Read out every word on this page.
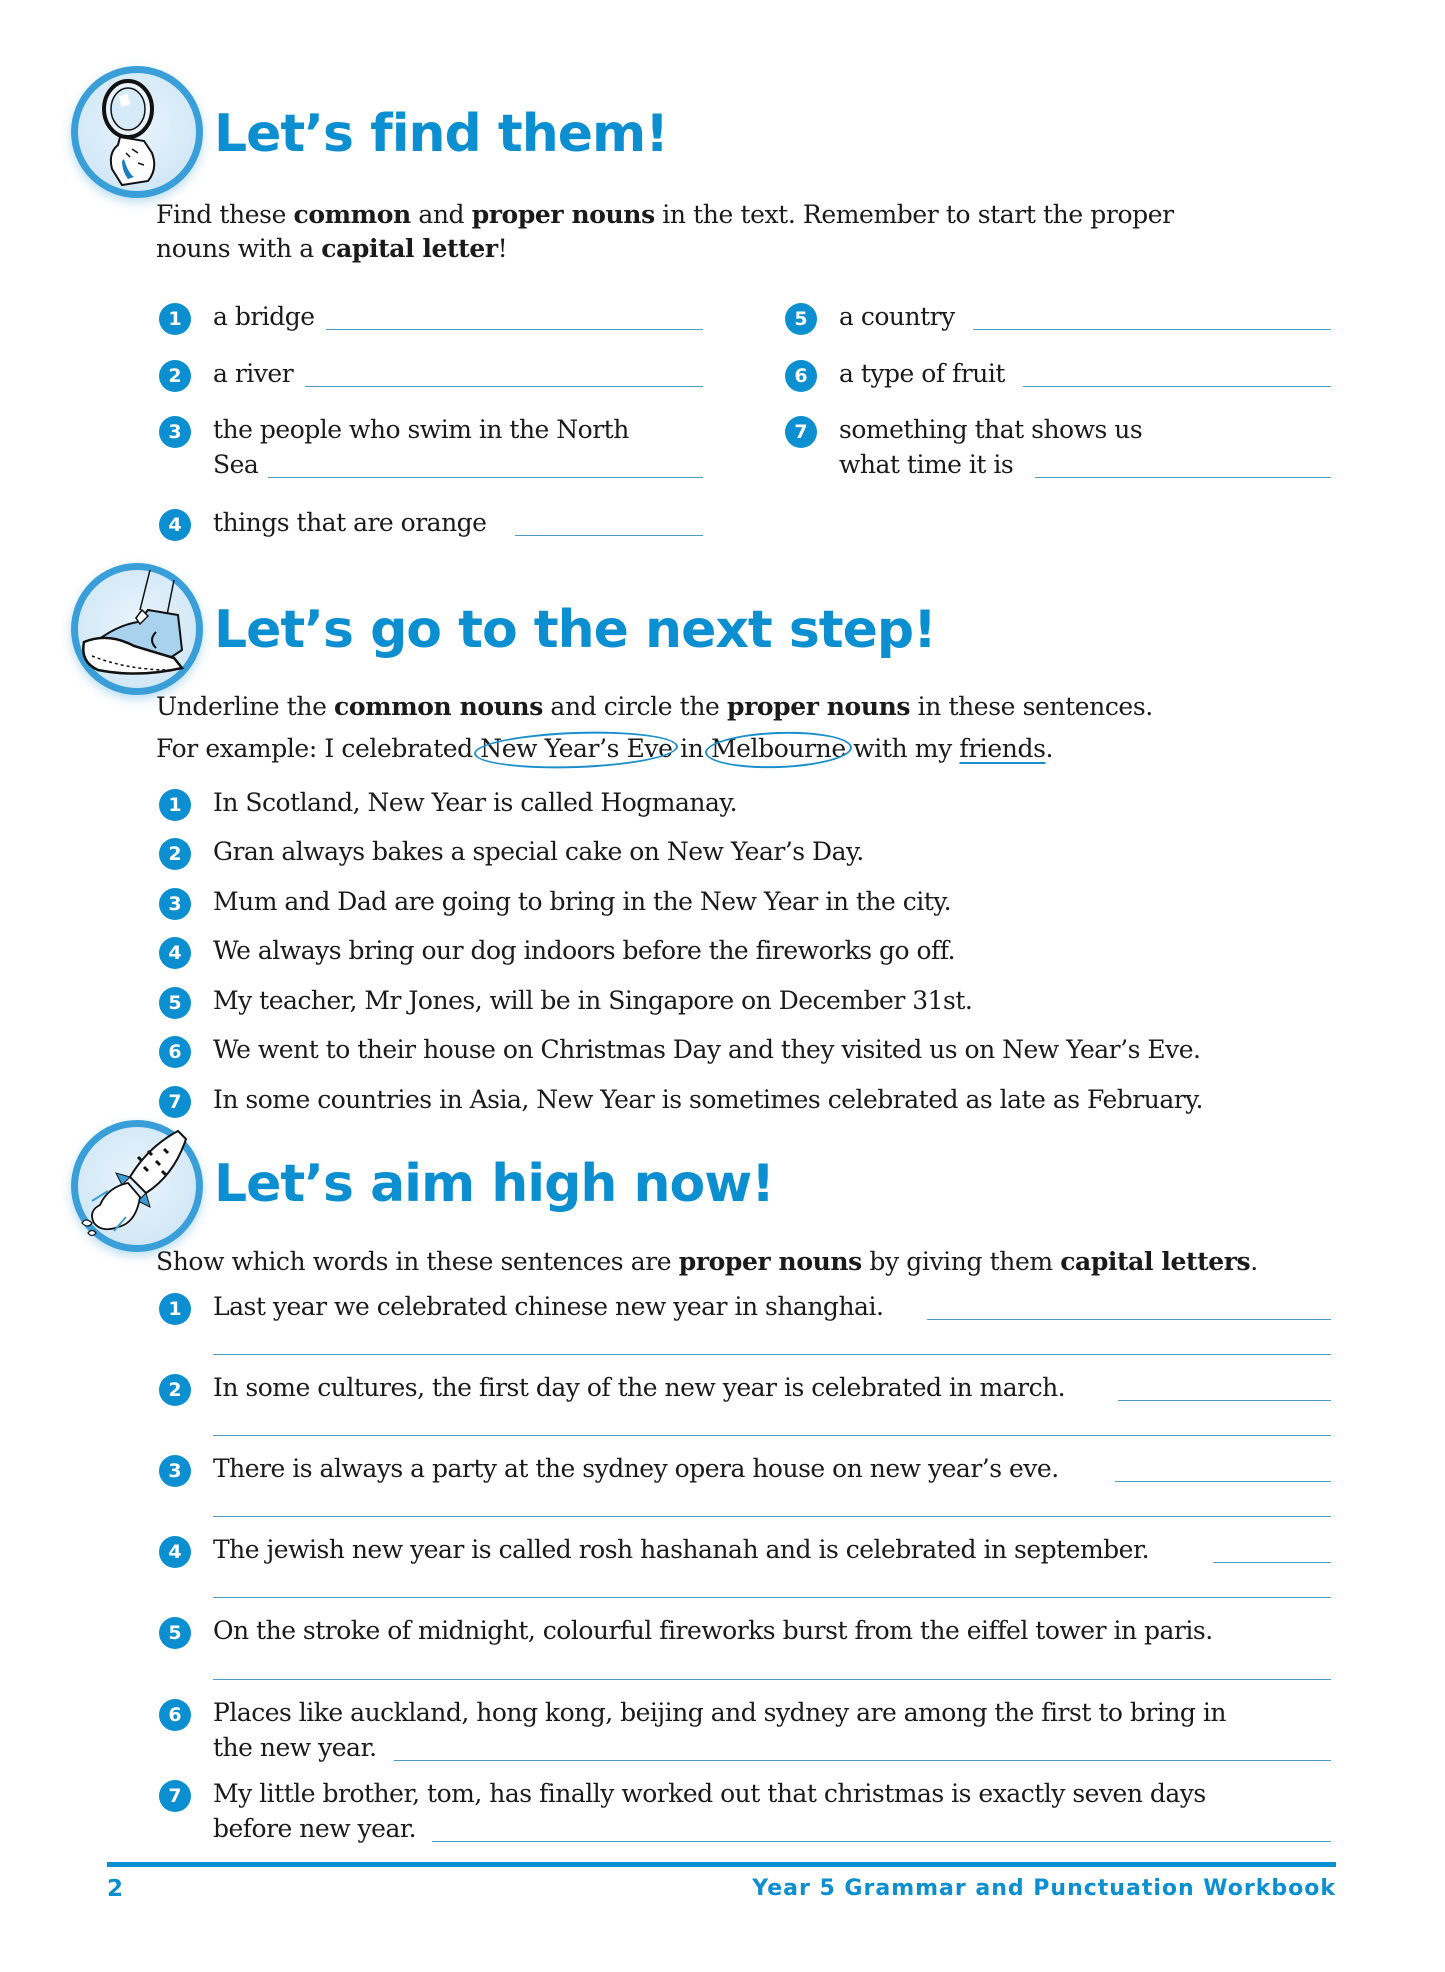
Let’s find them!
Find these common and proper nouns in the text. Remember to start the proper
nouns with a capital letter!
1	a bridge
2	a river
3	the people who swim in the North
Sea
4	things that are orange
5	a country
6	a type of fruit
7	something that shows us
what time it is
Let’s go to the next step!
Underline the common nouns and circle the proper nouns in these sentences.
For example: I celebrated New Year’s Eve in Melbourne with my friends.
1	In Scotland, New Year is called Hogmanay.
2	Gran always bakes a special cake on New Year’s Day.
3	Mum and Dad are going to bring in the New Year in the city.
4	We always bring our dog indoors before the fireworks go off.
5	My teacher, Mr Jones, will be in Singapore on December 31st.
6	We went to their house on Christmas Day and they visited us on New Year’s Eve.
7	In some countries in Asia, New Year is sometimes celebrated as late as February.
Let’s aim high now!
Show which words in these sentences are proper nouns by giving them capital letters.
1	Last year we celebrated chinese new year in shanghai.
2	In some cultures, the first day of the new year is celebrated in march.
3	There is always a party at the sydney opera house on new year’s eve.
4	The jewish new year is called rosh hashanah and is celebrated in september.
5	On the stroke of midnight, colourful fireworks burst from the eiffel tower in paris.
6	Places like auckland, hong kong, beijing and sydney are among the first to bring in
the new year.
7	My little brother, tom, has finally worked out that christmas is exactly seven days
before new year.
2	Year 5 Grammar and Punctuation Workbook
